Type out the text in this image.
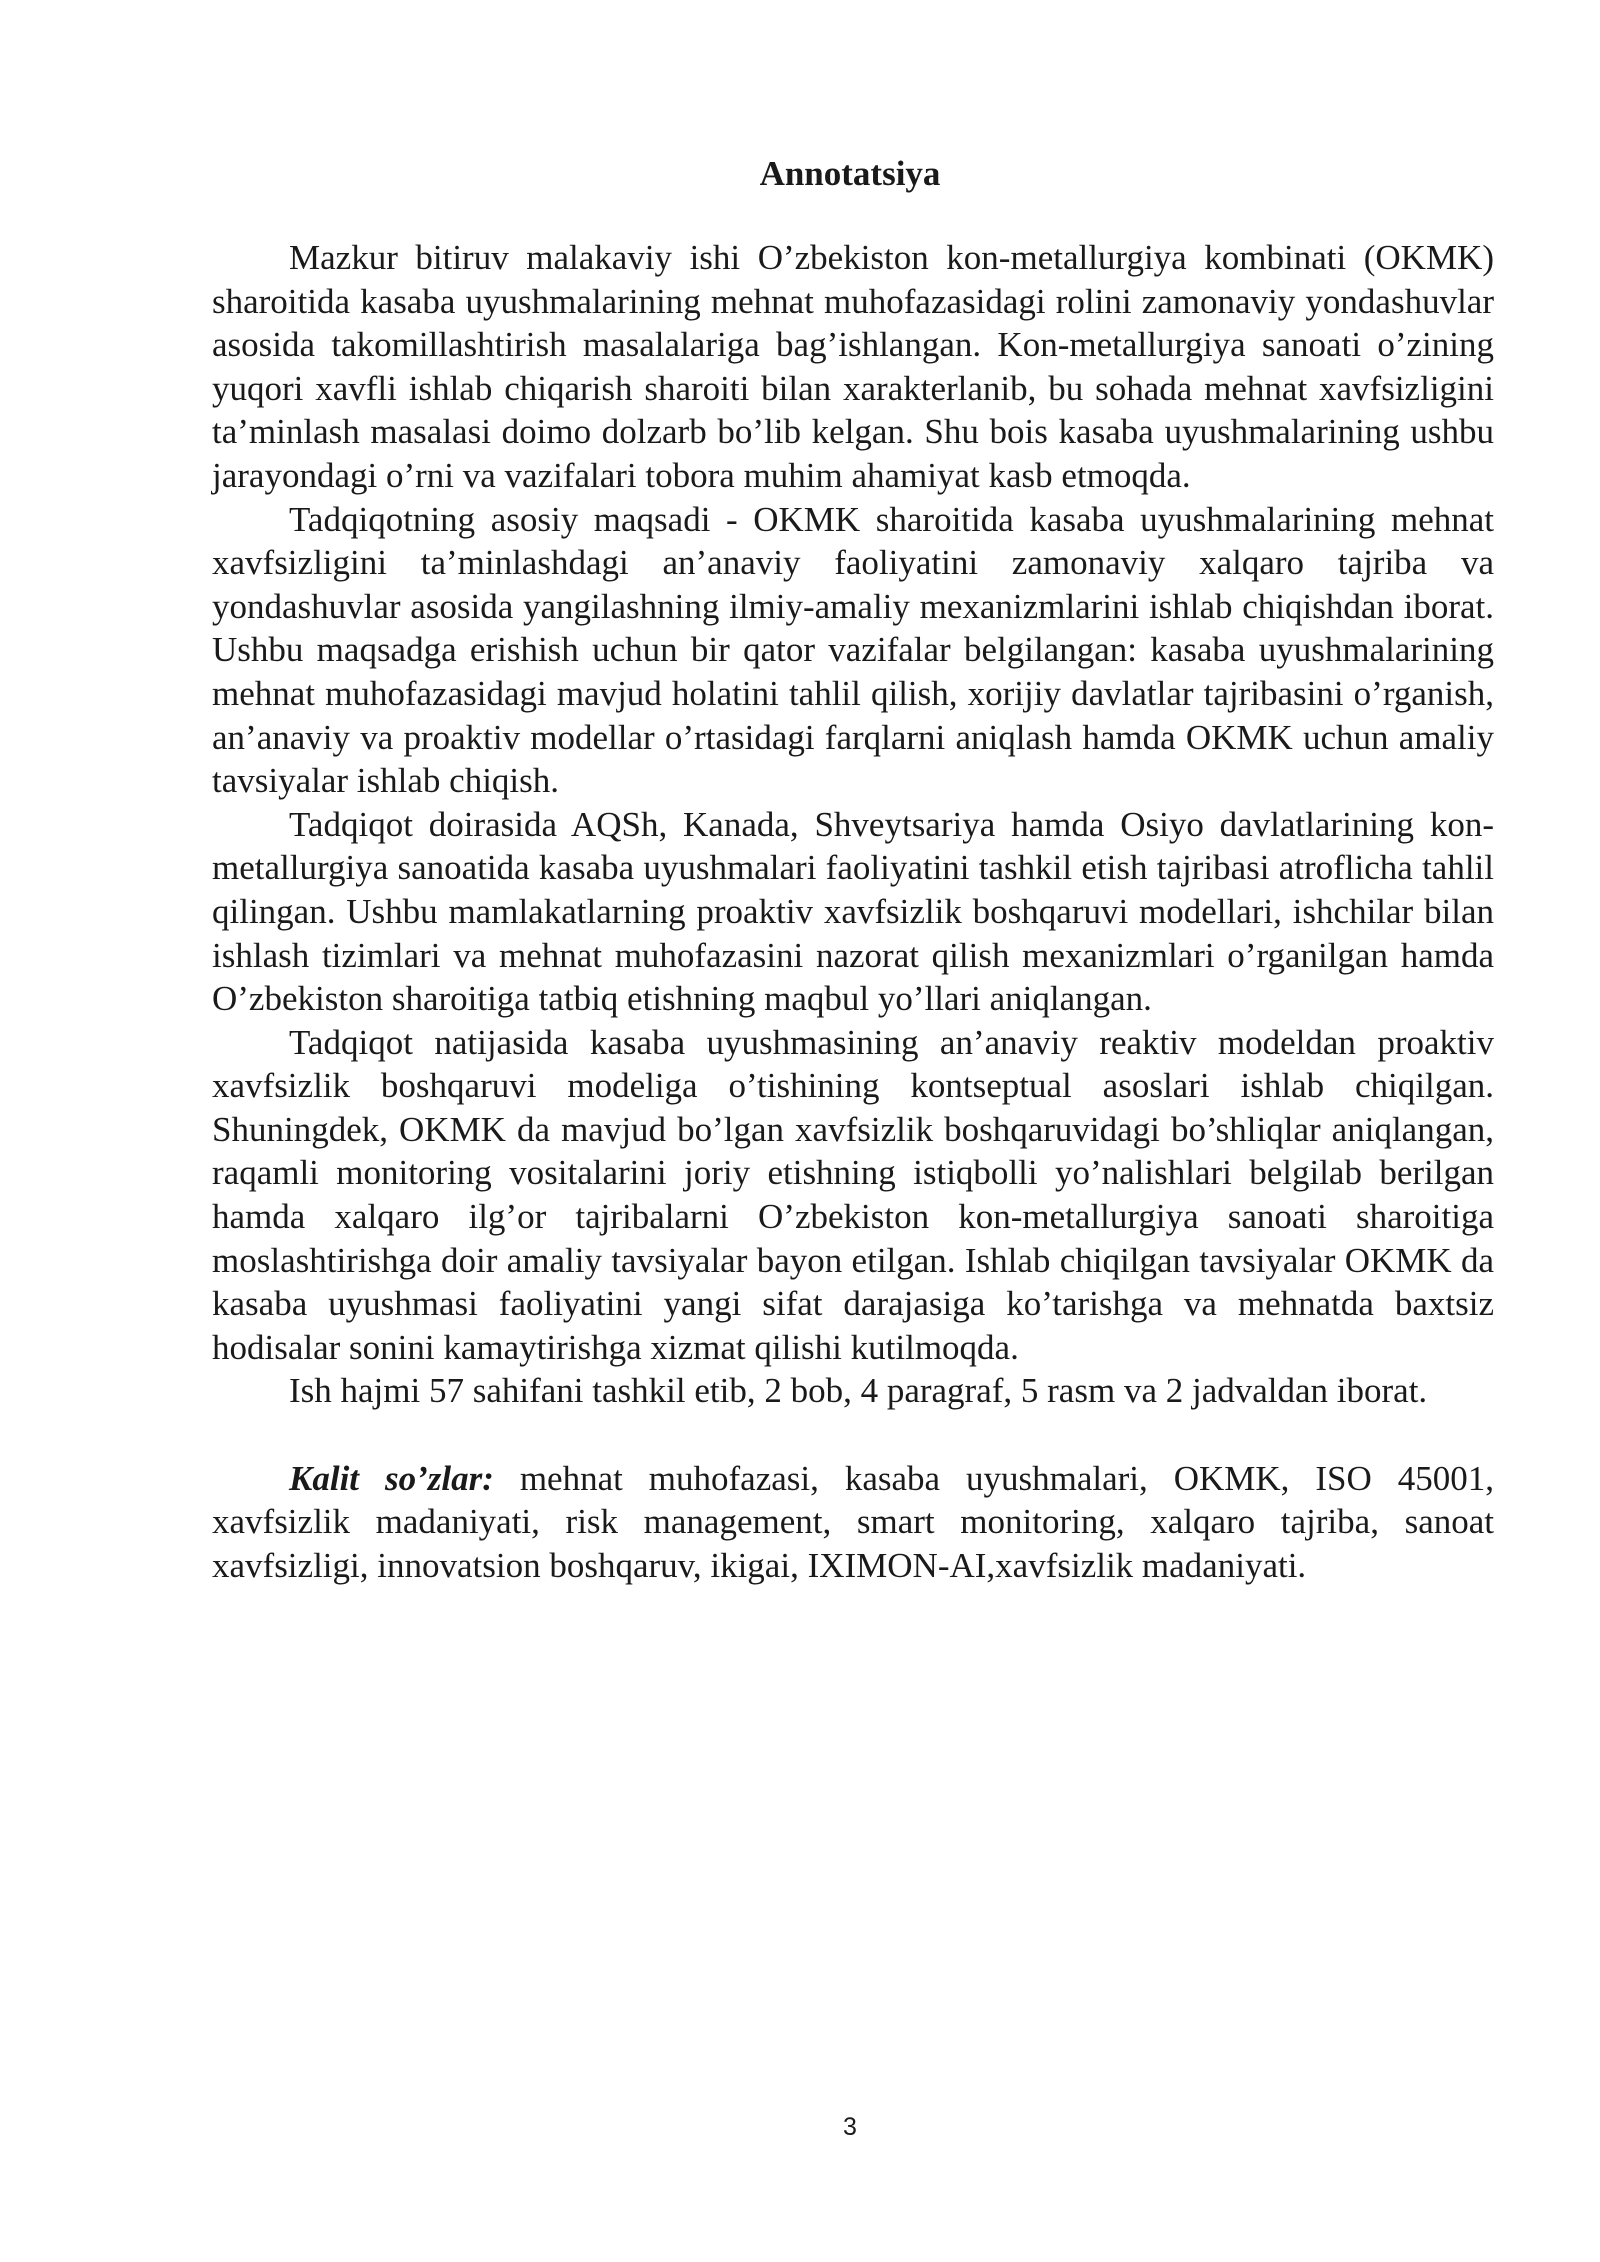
Annotatsiya

Mazkur bitiruv malakaviy ishi O’zbekiston kon-metallurgiya kombinati (OKMK) sharoitida kasaba uyushmalarining mehnat muhofazasidagi rolini zamonaviy yondashuvlar asosida takomillashtirish masalalariga bag’ishlangan. Kon-metallurgiya sanoati o’zining yuqori xavfli ishlab chiqarish sharoiti bilan xarakterlanib, bu sohada mehnat xavfsizligini ta’minlash masalasi doimo dolzarb bo’lib kelgan. Shu bois kasaba uyushmalarining ushbu jarayondagi o’rni va vazifalari tobora muhim ahamiyat kasb etmoqda.

Tadqiqotning asosiy maqsadi - OKMK sharoitida kasaba uyushmalarining mehnat xavfsizligini ta’minlashdagi an’anaviy faoliyatini zamonaviy xalqaro tajriba va yondashuvlar asosida yangilashning ilmiy-amaliy mexanizmlarini ishlab chiqishdan iborat. Ushbu maqsadga erishish uchun bir qator vazifalar belgilangan: kasaba uyushmalarining mehnat muhofazasidagi mavjud holatini tahlil qilish, xorijiy davlatlar tajribasini o’rganish, an’anaviy va proaktiv modellar o’rtasidagi farqlarni aniqlash hamda OKMK uchun amaliy tavsiyalar ishlab chiqish.

Tadqiqot doirasida AQSh, Kanada, Shveytsariya hamda Osiyo davlatlarining kon-metallurgiya sanoatida kasaba uyushmalari faoliyatini tashkil etish tajribasi atroflicha tahlil qilingan. Ushbu mamlakatlarning proaktiv xavfsizlik boshqaruvi modellari, ishchilar bilan ishlash tizimlari va mehnat muhofazasini nazorat qilish mexanizmlari o’rganilgan hamda O’zbekiston sharoitiga tatbiq etishning maqbul yo’llari aniqlangan.

Tadqiqot natijasida kasaba uyushmasining an’anaviy reaktiv modeldan proaktiv xavfsizlik boshqaruvi modeliga o’tishining kontseptual asoslari ishlab chiqilgan. Shuningdek, OKMK da mavjud bo’lgan xavfsizlik boshqaruvidagi bo’shliqlar aniqlangan, raqamli monitoring vositalarini joriy etishning istiqbolli yo’nalishlari belgilab berilgan hamda xalqaro ilg’or tajribalarni O’zbekiston kon-metallurgiya sanoati sharoitiga moslashtirishga doir amaliy tavsiyalar bayon etilgan. Ishlab chiqilgan tavsiyalar OKMK da kasaba uyushmasi faoliyatini yangi sifat darajasiga ko’tarishga va mehnatda baxtsiz hodisalar sonini kamaytirishga xizmat qilishi kutilmoqda.

Ish hajmi 57 sahifani tashkil etib, 2 bob, 4 paragraf, 5 rasm va 2 jadvaldan iborat.

Kalit so’zlar: mehnat muhofazasi, kasaba uyushmalari, OKMK, ISO 45001, xavfsizlik madaniyati, risk management, smart monitoring, xalqaro tajriba, sanoat xavfsizligi, innovatsion boshqaruv, ikigai, IXIMON-AI,xavfsizlik madaniyati.

3
